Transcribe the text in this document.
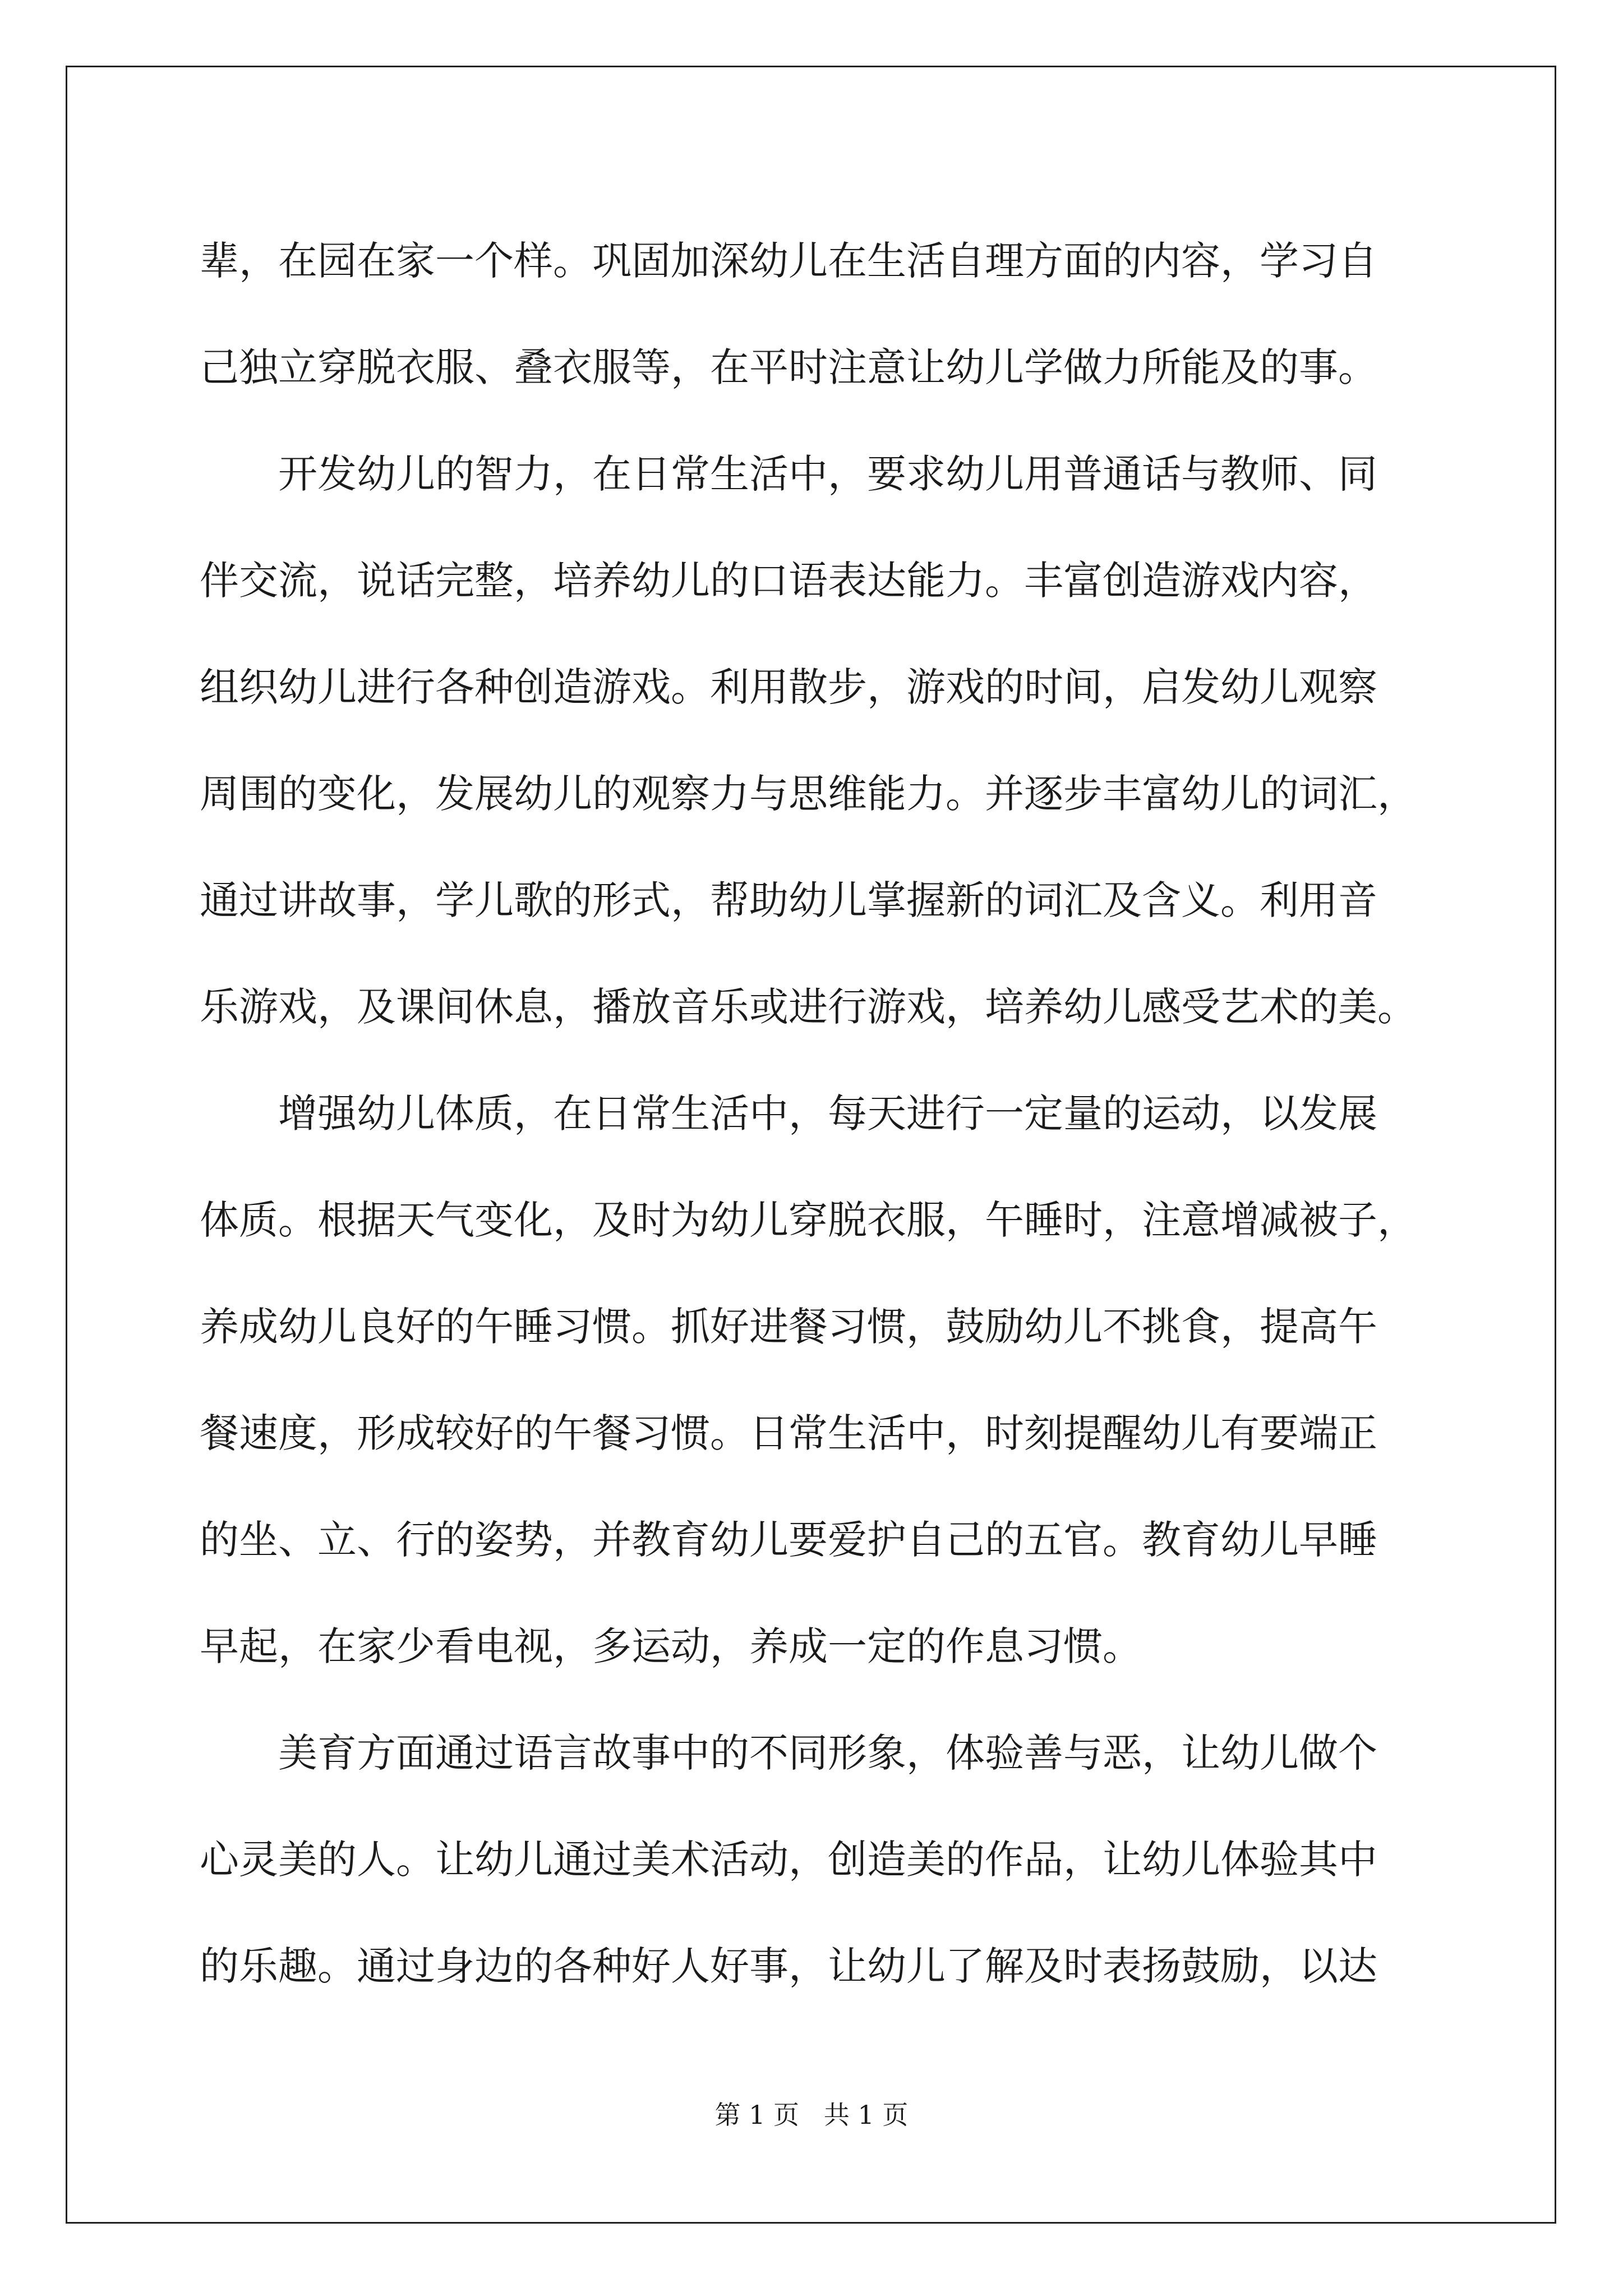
辈，在园在家一个样。巩固加深幼儿在生活自理方面的内容，学习自
己独立穿脱衣服、叠衣服等，在平时注意让幼儿学做力所能及的事。
开发幼儿的智力，在日常生活中，要求幼儿用普通话与教师、同
伴交流，说话完整，培养幼儿的口语表达能力。丰富创造游戏内容，
组织幼儿进行各种创造游戏。利用散步，游戏的时间，启发幼儿观察
周围的变化，发展幼儿的观察力与思维能力。并逐步丰富幼儿的词汇，
通过讲故事，学儿歌的形式，帮助幼儿掌握新的词汇及含义。利用音
乐游戏，及课间休息，播放音乐或进行游戏，培养幼儿感受艺术的美。
增强幼儿体质，在日常生活中，每天进行一定量的运动，以发展
体质。根据天气变化，及时为幼儿穿脱衣服，午睡时，注意增减被子，
养成幼儿良好的午睡习惯。抓好进餐习惯，鼓励幼儿不挑食，提高午
餐速度，形成较好的午餐习惯。日常生活中，时刻提醒幼儿有要端正
的坐、立、行的姿势，并教育幼儿要爱护自己的五官。教育幼儿早睡
早起，在家少看电视，多运动，养成一定的作息习惯。
美育方面通过语言故事中的不同形象，体验善与恶，让幼儿做个
心灵美的人。让幼儿通过美术活动，创造美的作品，让幼儿体验其中
的乐趣。通过身边的各种好人好事，让幼儿了解及时表扬鼓励，以达
第 1 页   共 1 页
